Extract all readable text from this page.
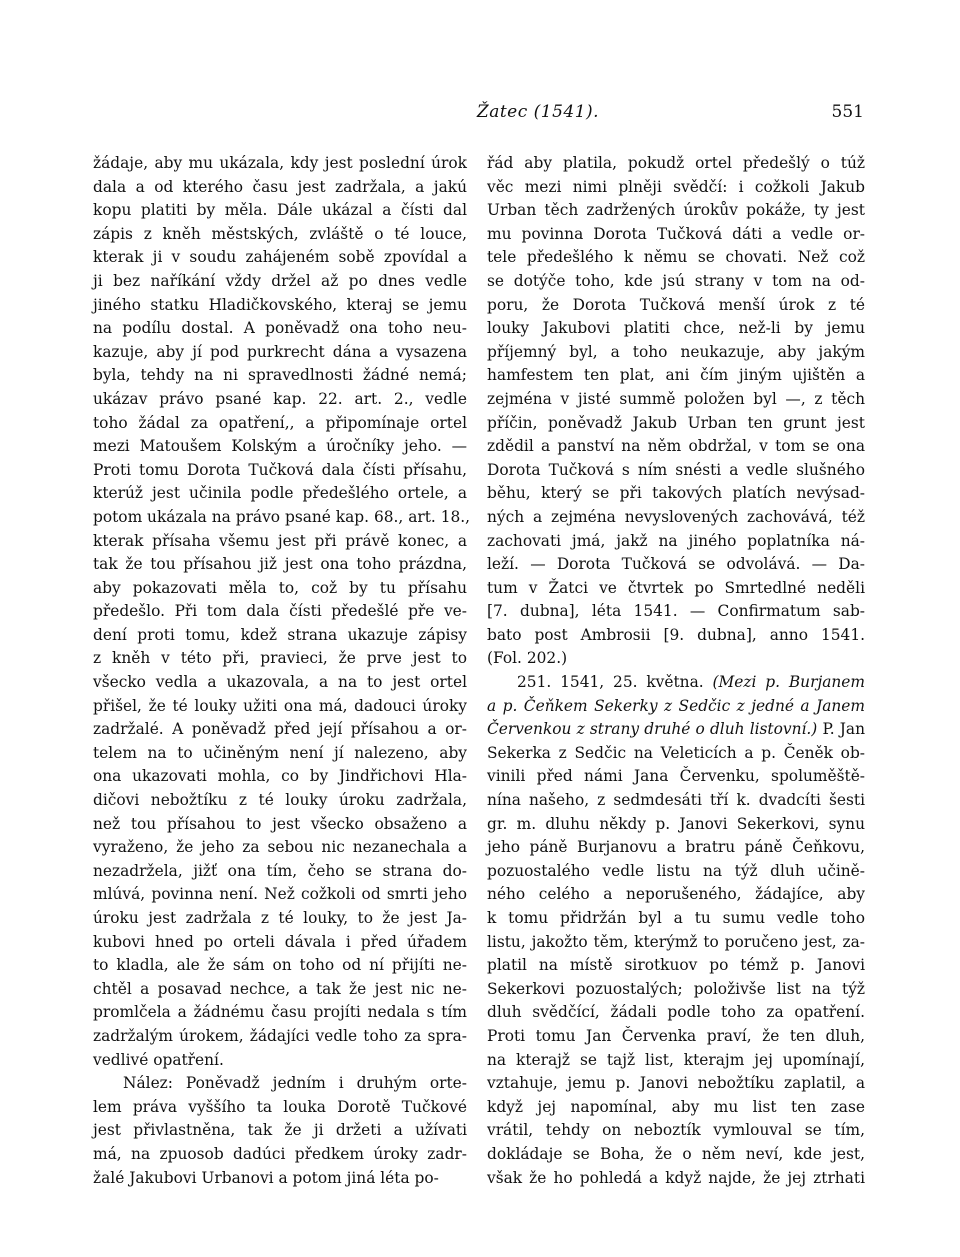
Žatec (1541).	551
žádaje, aby mu ukázala, kdy jest poslední úrok
dala a od kterého času jest zadržala, a jakú
kopu platiti by měla. Dále ukázal a čísti dal
zápis z kněh městských, zvláště o té louce,
kterak ji v soudu zahájeném sobě zpovídal a
ji bez naříkání vždy držel až po dnes vedle
jiného statku Hladičkovského, kteraj se jemu
na podílu dostal. A poněvadž ona toho neu-
kazuje, aby jí pod purkrecht dána a vysazena
byla, tehdy na ni spravedlnosti žádné nemá;
ukázav právo psané kap. 22. art. 2., vedle
toho žádal za opatření,, a připomínaje ortel
mezi Matoušem Kolským a úročníky jeho. —
Proti tomu Dorota Tučková dala čísti přísahu,
kterúž jest učinila podle předešlého ortele, a
potom ukázala na právo psané kap. 68., art. 18.,
kterak přísaha všemu jest při právě konec, a
tak že tou přísahou již jest ona toho prázdna,
aby pokazovati měla to, což by tu přísahu
předešlo. Při tom dala čísti předešlé pře ve-
dení proti tomu, kdež strana ukazuje zápisy
z kněh v této při, pravieci, že prve jest to
všecko vedla a ukazovala, a na to jest ortel
přišel, že té louky užiti ona má, dadouci úroky
zadržalé. A poněvadž před její přísahou a or-
telem na to učiněným není jí nalezeno, aby
ona ukazovati mohla, co by Jindřichovi Hla-
dičovi nebožtíku z té louky úroku zadržala,
než tou přísahou to jest všecko obsaženo a
vyraženo, že jeho za sebou nic nezanechala a
nezadržela, jižť ona tím, čeho se strana do-
mlúvá, povinna není. Než cožkoli od smrti jeho
úroku jest zadržala z té louky, to že jest Ja-
kubovi hned po orteli dávala i před úřadem
to kladla, ale že sám on toho od ní přijíti ne-
chtěl a posavad nechce, a tak že jest nic ne-
promlčela a žádnému času projíti nedala s tím
zadržalým úrokem, žádajíci vedle toho za spra-
vedlivé opatření.
Nález: Poněvadž jedním i druhým orte-
lem práva vyššího ta louka Dorotě Tučkové
jest přivlastněna, tak že ji držeti a užívati
má, na zpuosob dadúci předkem úroky zadr-
žalé Jakubovi Urbanovi a potom jiná léta po-
řád aby platila, pokudž ortel předešlý o túž
věc mezi nimi plněji svědčí: i cožkoli Jakub
Urban těch zadržených úrokův pokáže, ty jest
mu povinna Dorota Tučková dáti a vedle or-
tele předešlého k němu se chovati. Než což
se dotýče toho, kde jsú strany v tom na od-
poru, že Dorota Tučková menší úrok z té
louky Jakubovi platiti chce, než-li by jemu
příjemný byl, a toho neukazuje, aby jakým
hamfestem ten plat, ani čím jiným ujištěn a
zejména v jisté summě položen byl —, z těch
příčin, poněvadž Jakub Urban ten grunt jest
zdědil a panství na něm obdržal, v tom se ona
Dorota Tučková s ním snésti a vedle slušného
běhu, který se při takových platích nevýsad-
ných a zejména nevyslovených zachovává, též
zachovati jmá, jakž na jiného poplatníka ná-
leží. — Dorota Tučková se odvolává. — Da-
tum v Žatci ve čtvrtek po Smrtedlné neděli
[7. dubna], léta 1541. — Confirmatum sab-
bato post Ambrosii [9. dubna], anno 1541.
(Fol. 202.)
251. 1541, 25. května. (Mezi p. Burjanem
a p. Čeňkem Sekerky z Sedčic z jedné a Janem
Červenkou z strany druhé o dluh listovní.) P. Jan
Sekerka z Sedčic na Veleticích a p. Čeněk ob-
vinili před námi Jana Červenku, spoluměště-
nína našeho, z sedmdesáti tří k. dvadcíti šesti
gr. m. dluhu někdy p. Janovi Sekerkovi, synu
jeho páně Burjanovu a bratru páně Čeňkovu,
pozuostalého vedle listu na týž dluh učině-
ného celého a neporušeného, žádajíce, aby
k tomu přidržán byl a tu sumu vedle toho
listu, jakožto těm, kterýmž to poručeno jest, za-
platil na místě sirotkuov po témž p. Janovi
Sekerkovi pozuostalých; položivše list na týž
dluh svědčící, žádali podle toho za opatření.
Proti tomu Jan Červenka praví, že ten dluh,
na kteraјž se tajž list, kterajm jej upomínají,
vztahuje, jemu p. Janovi nebožtíku zaplatil, a
když jej napomínal, aby mu list ten zase
vrátil, tehdy on neboztík vymlouval se tím,
dokládaje se Boha, že o něm neví, kde jest,
však že ho pohledá a když najde, že jej ztrhati
